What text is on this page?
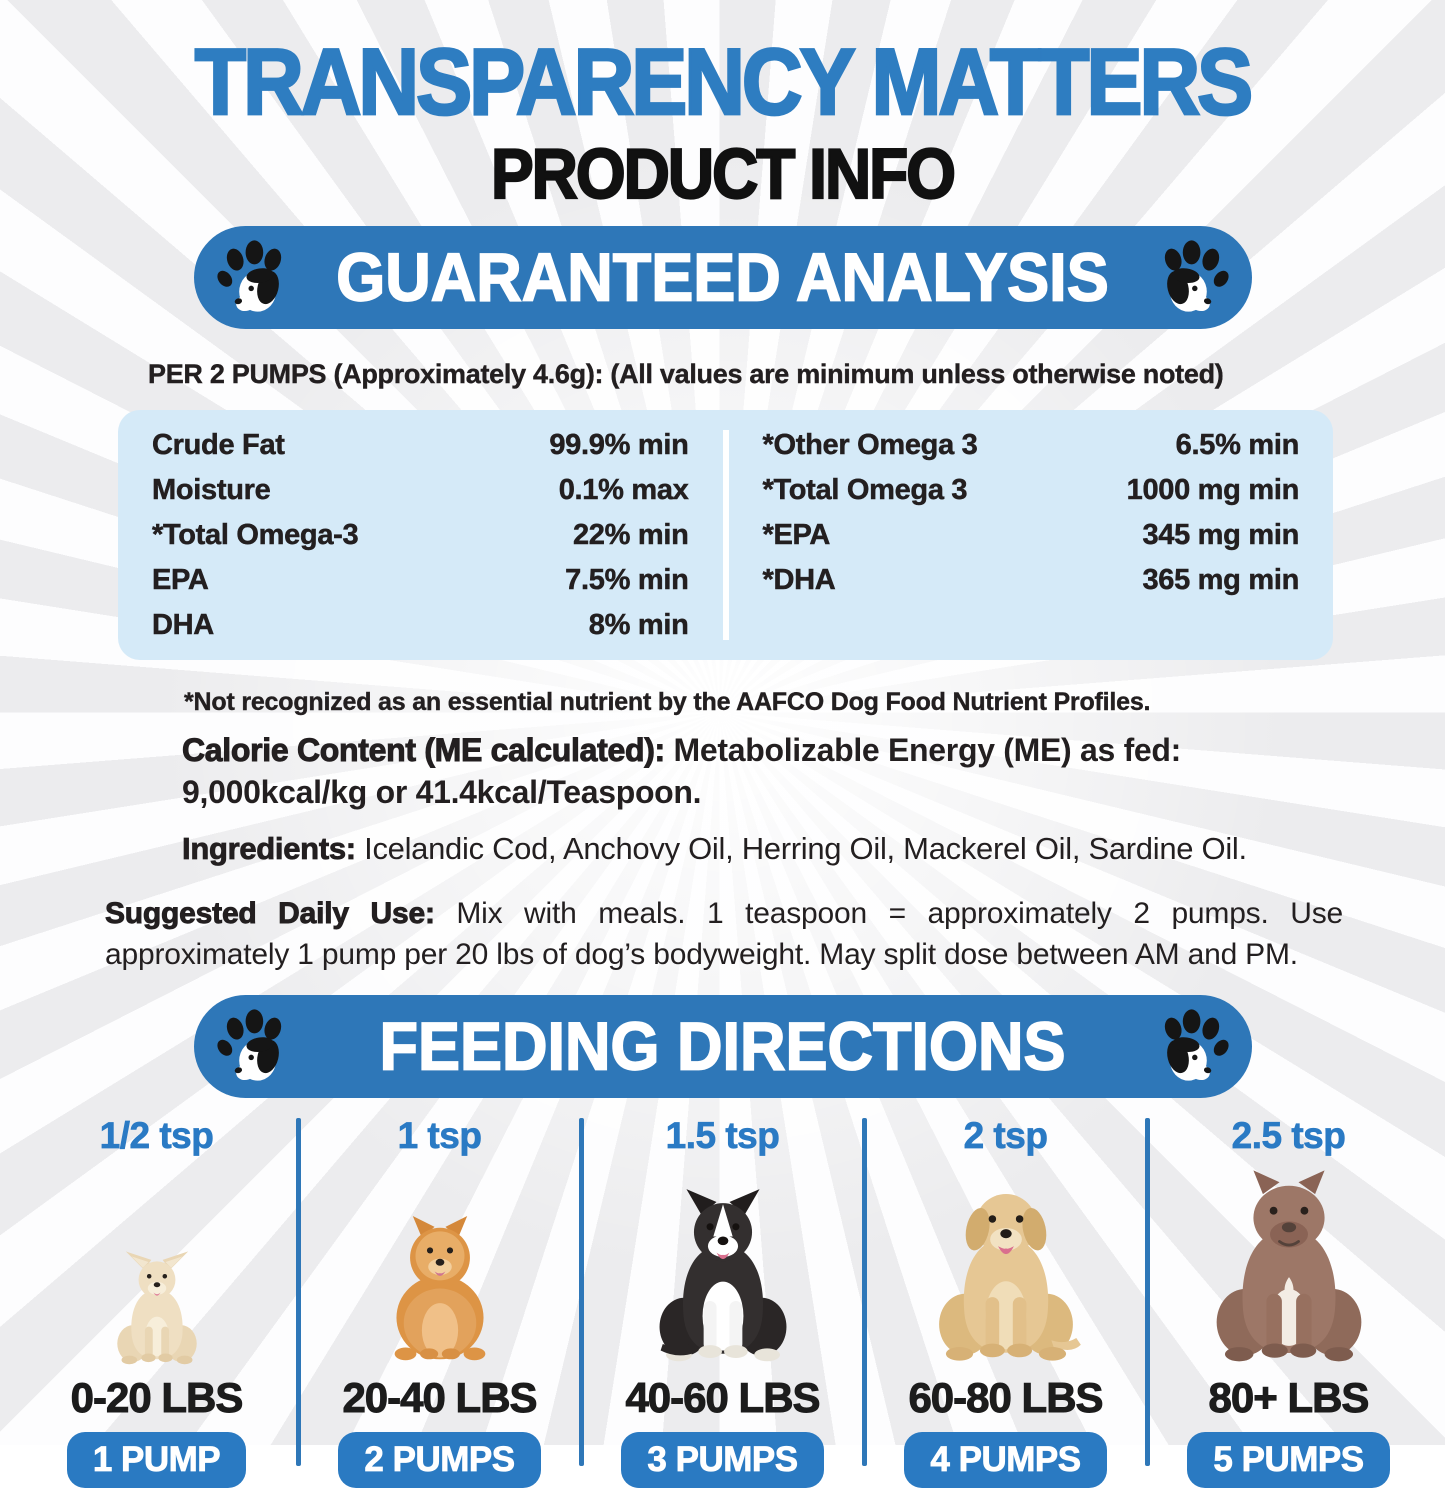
TRANSPARENCY MATTERS
PRODUCT INFO
GUARANTEED ANALYSIS
PER 2 PUMPS (Approximately 4.6g): (All values are minimum unless otherwise noted)
Crude Fat	99.9% min
Moisture	0.1% max
*Total Omega-3	22% min
EPA	7.5% min
DHA	8% min
*Other Omega 3	6.5% min
*Total Omega 3	1000 mg min
*EPA	345 mg min
*DHA	365 mg min
*Not recognized as an essential nutrient by the AAFCO Dog Food Nutrient Profiles.
Calorie Content (ME calculated): Metabolizable Energy (ME) as fed:
9,000kcal/kg or 41.4kcal/Teaspoon.
Ingredients: Icelandic Cod, Anchovy Oil, Herring Oil, Mackerel Oil, Sardine Oil.
Suggested Daily Use: Mix with meals. 1 teaspoon = approximately 2 pumps. Use approximately 1 pump per 20 lbs of dog’s bodyweight. May split dose between AM and PM.
FEEDING DIRECTIONS
1/2 tsp
0-20 LBS
1 PUMP
1 tsp
20-40 LBS
2 PUMPS
1.5 tsp
40-60 LBS
3 PUMPS
2 tsp
60-80 LBS
4 PUMPS
2.5 tsp
80+ LBS
5 PUMPS
